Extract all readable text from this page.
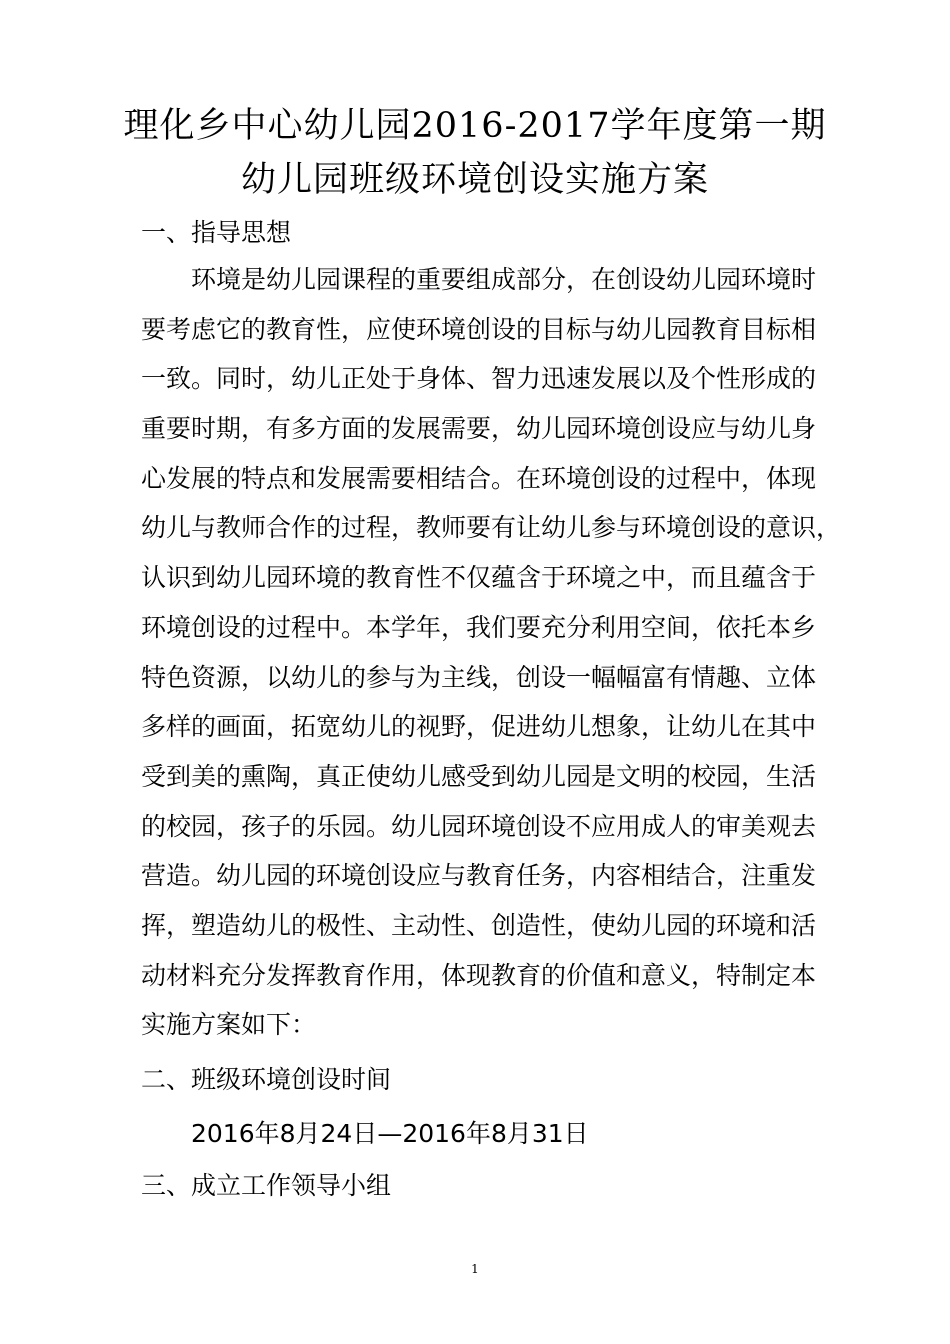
理化乡中心幼儿园2016-2017学年度第一期
幼儿园班级环境创设实施方案
一、指导思想
环境是幼儿园课程的重要组成部分，在创设幼儿园环境时
要考虑它的教育性，应使环境创设的目标与幼儿园教育目标相
一致。同时，幼儿正处于身体、智力迅速发展以及个性形成的
重要时期，有多方面的发展需要，幼儿园环境创设应与幼儿身
心发展的特点和发展需要相结合。在环境创设的过程中，体现
幼儿与教师合作的过程，教师要有让幼儿参与环境创设的意识，
认识到幼儿园环境的教育性不仅蕴含于环境之中，而且蕴含于
环境创设的过程中。本学年，我们要充分利用空间，依托本乡
特色资源，以幼儿的参与为主线，创设一幅幅富有情趣、立体
多样的画面，拓宽幼儿的视野，促进幼儿想象，让幼儿在其中
受到美的熏陶，真正使幼儿感受到幼儿园是文明的校园，生活
的校园，孩子的乐园。幼儿园环境创设不应用成人的审美观去
营造。幼儿园的环境创设应与教育任务，内容相结合，注重发
挥，塑造幼儿的极性、主动性、创造性，使幼儿园的环境和活
动材料充分发挥教育作用，体现教育的价值和意义，特制定本
实施方案如下：
二、班级环境创设时间
2016年8月24日—2016年8月31日
三、成立工作领导小组
1
